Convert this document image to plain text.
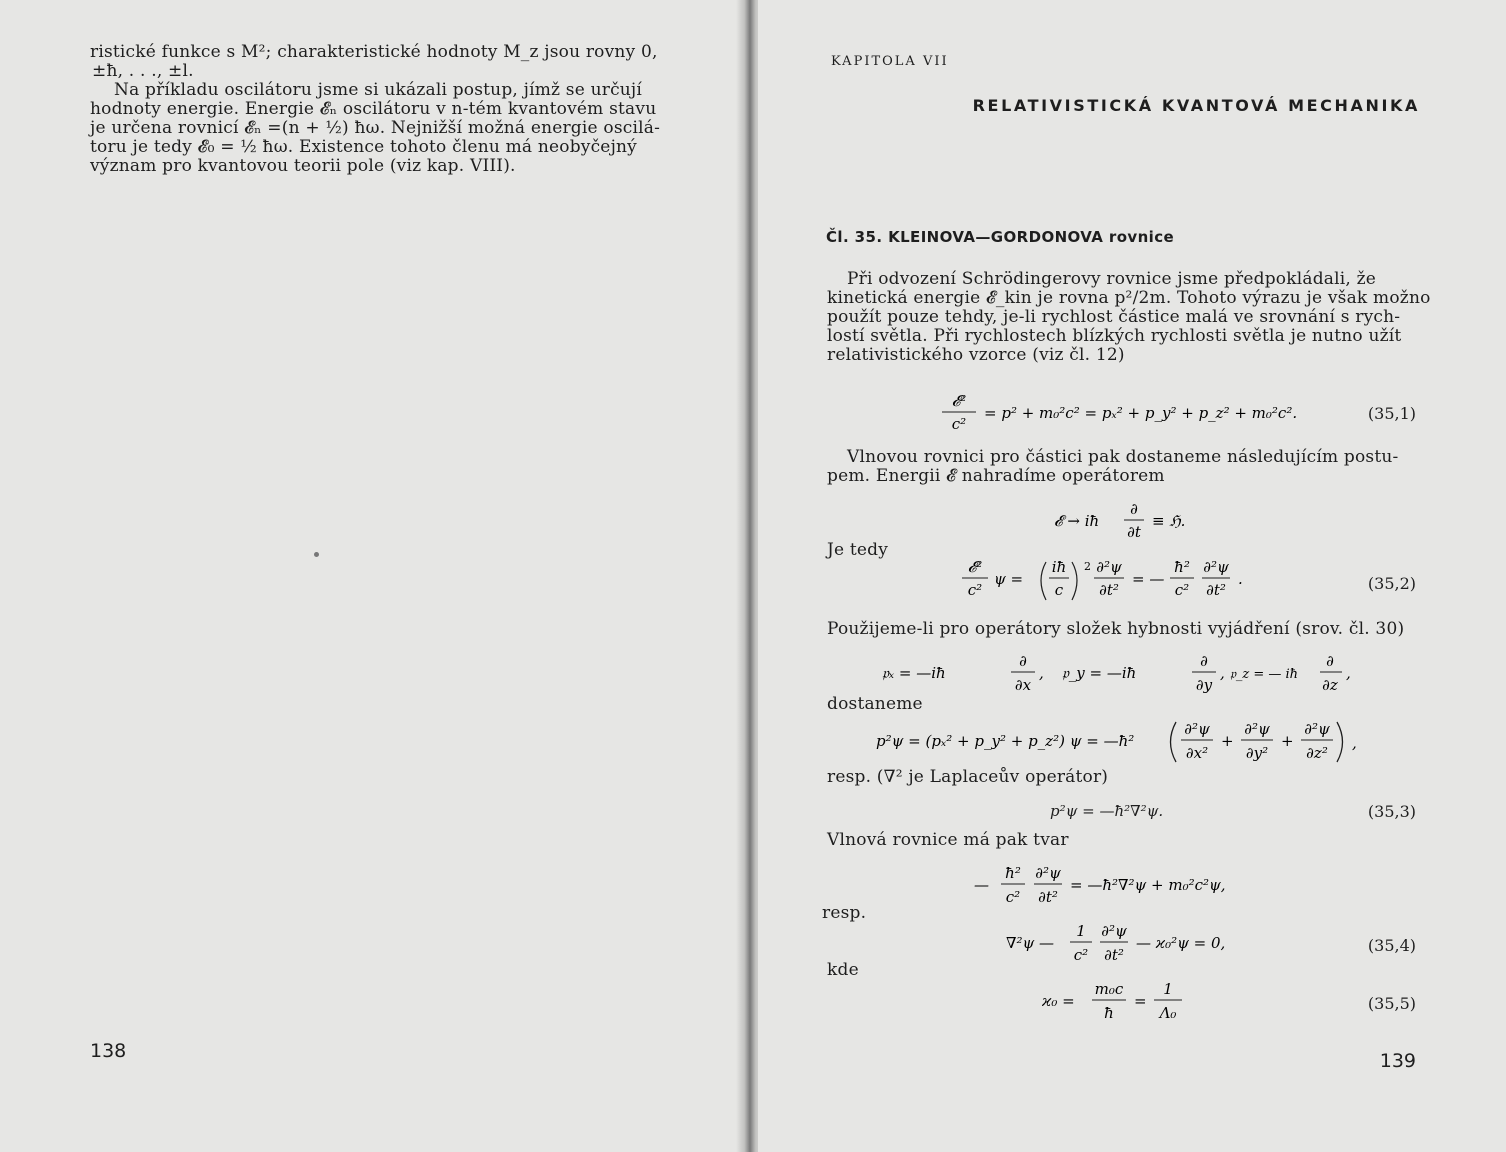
ristické funkce s M²; charakteristické hodnoty M_z jsou rovny 0,
±ħ, . . ., ±l.
Na příkladu oscilátoru jsme si ukázali postup, jímž se určují
hodnoty energie. Energie 𝓔ₙ oscilátoru v n-tém kvantovém stavu
je určena rovnicí 𝓔ₙ =(n + ½) ħω. Nejnižší možná energie oscilá-
toru je tedy 𝓔₀ = ½ ħω. Existence tohoto členu má neobyčejný
význam pro kvantovou teorii pole (viz kap. VIII).
138
KAPITOLA VII
RELATIVISTICKÁ KVANTOVÁ MECHANIKA
Čl. 35. KLEINOVA—GORDONOVA rovnice
Při odvození Schrödingerovy rovnice jsme předpokládali, že
kinetická energie 𝓔_kin je rovna p²/2m. Tohoto výrazu je však možno
použít pouze tehdy, je-li rychlost částice malá ve srovnání s rych-
lostí světla. Při rychlostech blízkých rychlosti světla je nutno užít
relativistického vzorce (viz čl. 12)
𝓔²
c²
= p² + m₀²c² = pₓ² + p_y² + p_z² + m₀²c².	(35,1)
Vlnovou rovnici pro částici pak dostaneme následujícím postu-
pem. Energii 𝓔 nahradíme operátorem
𝓔 → iħ
∂
∂t
≡ ℌ.
Je tedy
𝓔²
c²
ψ =
iħ
c
2 ∂²ψ
∂t²
= —
ħ²
c²
∂²ψ
∂t²
.	(35,2)
Použijeme-li pro operátory složek hybnosti vyjádření (srov. čl. 30)
𝔭ₓ = —iħ
∂
∂x
, 𝔭_y = —iħ
∂
∂y
, 𝔭_z = — iħ
∂
∂z
,
dostaneme
p²ψ = (pₓ² + p_y² + p_z²) ψ = —ħ²
∂²ψ
∂x²
+
∂²ψ
∂y²
+
∂²ψ
∂z²
,
resp. (∇² je Laplaceův operátor)
p²ψ = —ħ²∇²ψ.	(35,3)
Vlnová rovnice má pak tvar
—
ħ²
c²
∂²ψ
∂t²
= —ħ²∇²ψ + m₀²c²ψ,
resp.
∇²ψ —
1
c²
∂²ψ
∂t²
— ϰ₀²ψ = 0,	(35,4)
kde
ϰ₀ =
m₀c
ħ
=
1
Λ₀	(35,5)
139
